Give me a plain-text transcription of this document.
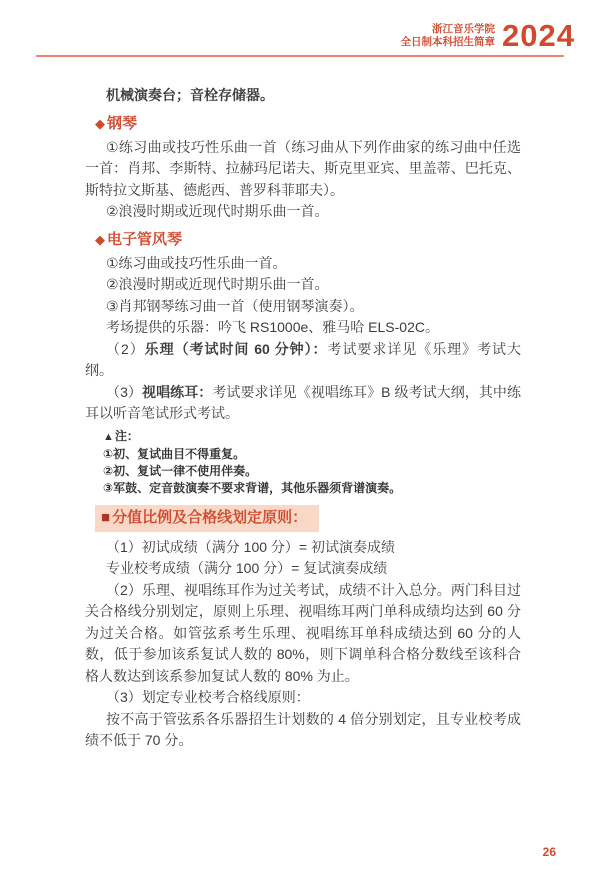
浙江音乐学院
全日制本科招生简章 2024

机械演奏台；音栓存储器。

◆ 钢琴

①练习曲或技巧性乐曲一首（练习曲从下列作曲家的练习曲中任选一首：肖邦、李斯特、拉赫玛尼诺夫、斯克里亚宾、里盖蒂、巴托克、斯特拉文斯基、德彪西、普罗科菲耶夫）。

②浪漫时期或近现代时期乐曲一首。

◆ 电子管风琴

①练习曲或技巧性乐曲一首。

②浪漫时期或近现代时期乐曲一首。

③肖邦钢琴练习曲一首（使用钢琴演奏）。

考场提供的乐器：吟飞 RS1000e、雅马哈 ELS-02C。

（2）乐理（考试时间 60 分钟）：考试要求详见《乐理》考试大纲。

（3）视唱练耳：考试要求详见《视唱练耳》B 级考试大纲，其中练耳以听音笔试形式考试。

▲注：

①初、复试曲目不得重复。

②初、复试一律不使用伴奏。

③军鼓、定音鼓演奏不要求背谱，其他乐器须背谱演奏。

■ 分值比例及合格线划定原则：

（1）初试成绩（满分 100 分）= 初试演奏成绩

专业校考成绩（满分 100 分）= 复试演奏成绩

（2）乐理、视唱练耳作为过关考试，成绩不计入总分。两门科目过关合格线分别划定，原则上乐理、视唱练耳两门单科成绩均达到 60 分为过关合格。如管弦系考生乐理、视唱练耳单科成绩达到 60 分的人数，低于参加该系复试人数的 80%，则下调单科合格分数线至该科合格人数达到该系参加复试人数的 80% 为止。

（3）划定专业校考合格线原则：

按不高于管弦系各乐器招生计划数的 4 倍分别划定，且专业校考成绩不低于 70 分。

26
